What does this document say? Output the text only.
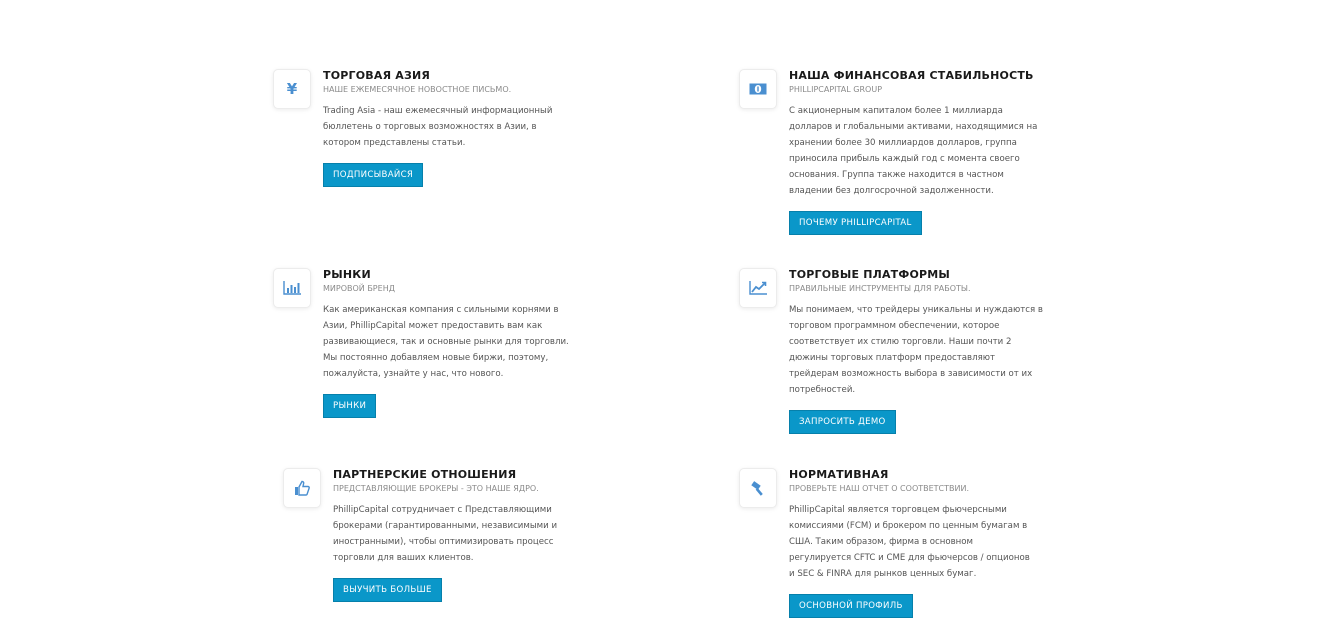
¥
ТОРГОВАЯ АЗИЯ
НАШЕ ЕЖЕМЕСЯЧНОЕ НОВОСТНОЕ ПИСЬМО.
Trading Asia - наш ежемесячный информационный
бюллетень о торговых возможностях в Азии, в
котором представлены статьи.
ПОДПИСЫВАЙСЯ
НАША ФИНАНСОВАЯ СТАБИЛЬНОСТЬ
PHILLIPCAPITAL GROUP
С акционерным капиталом более 1 миллиарда
долларов и глобальными активами, находящимися на
хранении более 30 миллиардов долларов, группа
приносила прибыль каждый год с момента своего
основания. Группа также находится в частном
владении без долгосрочной задолженности.
ПОЧЕМУ PHILLIPCAPITAL
РЫНКИ
МИРОВОЙ БРЕНД
Как американская компания с сильными корнями в
Азии, PhillipCapital может предоставить вам как
развивающиеся, так и основные рынки для торговли.
Мы постоянно добавляем новые биржи, поэтому,
пожалуйста, узнайте у нас, что нового.
РЫНКИ
ТОРГОВЫЕ ПЛАТФОРМЫ
ПРАВИЛЬНЫЕ ИНСТРУМЕНТЫ ДЛЯ РАБОТЫ.
Мы понимаем, что трейдеры уникальны и нуждаются в
торговом программном обеспечении, которое
соответствует их стилю торговли. Наши почти 2
дюжины торговых платформ предоставляют
трейдерам возможность выбора в зависимости от их
потребностей.
ЗАПРОСИТЬ ДЕМО
ПАРТНЕРСКИЕ ОТНОШЕНИЯ
ПРЕДСТАВЛЯЮЩИЕ БРОКЕРЫ - ЭТО НАШЕ ЯДРО.
PhillipCapital сотрудничает с Представляющими
брокерами (гарантированными, независимыми и
иностранными), чтобы оптимизировать процесс
торговли для ваших клиентов.
ВЫУЧИТЬ БОЛЬШЕ
НОРМАТИВНАЯ
ПРОВЕРЬТЕ НАШ ОТЧЕТ О СООТВЕТСТВИИ.
PhillipCapital является торговцем фьючерсными
комиссиями (FCM) и брокером по ценным бумагам в
США. Таким образом, фирма в основном
регулируется CFTC и CME для фьючерсов / опционов
и SEC & FINRA для рынков ценных бумаг.
ОСНОВНОЙ ПРОФИЛЬ
